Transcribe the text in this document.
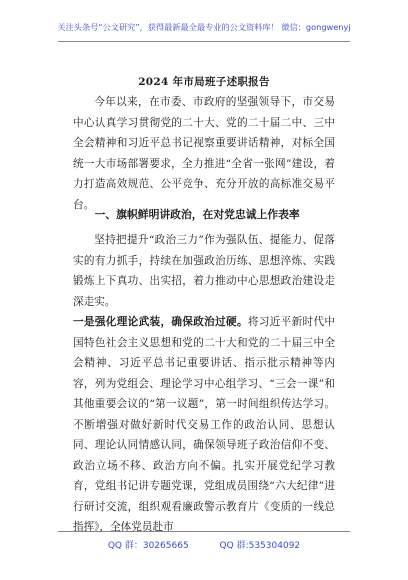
关注头条号“公文研究”，获得最新最全最专业的公文资料库！ 微信：gongwenyj
2024 年市局班子述职报告
今年以来，在市委、市政府的坚强领导下，市交易中心认真学习贯彻党的二十大、党的二十届二中、三中全会精神和习近平总书记视察重要讲话精神，对标全国统一大市场部署要求，全力推进“全省一张网”建设，着力打造高效规范、公平竞争、充分开放的高标准交易平台。
一、旗帜鲜明讲政治，在对党忠诚上作表率
坚持把提升“政治三力”作为强队伍、提能力、促落实的有力抓手，持续在加强政治历练、思想淬炼、实践锻炼上下真功、出实招，着力推动中心思想政治建设走深走实。
一是强化理论武装，确保政治过硬。将习近平新时代中国特色社会主义思想和党的二十大和党的二十届三中全会精神、习近平总书记重要讲话、指示批示精神等内容，列为党组会、理论学习中心组学习、“三会一课”和其他重要会议的“第一议题”，第一时间组织传达学习。不断增强对做好新时代交易工作的政治认同、思想认同、理论认同情感认同，确保领导班子政治信仰不变、政治立场不移、政治方向不偏。扎实开展党纪学习教育，党组书记讲专题党课，党组成员围绕“六大纪律”进行研讨交流，组织观看廉政警示教育片《变质的一线总指挥》，全体党员赴市
QQ 群：30265665	QQ 群:535304092
